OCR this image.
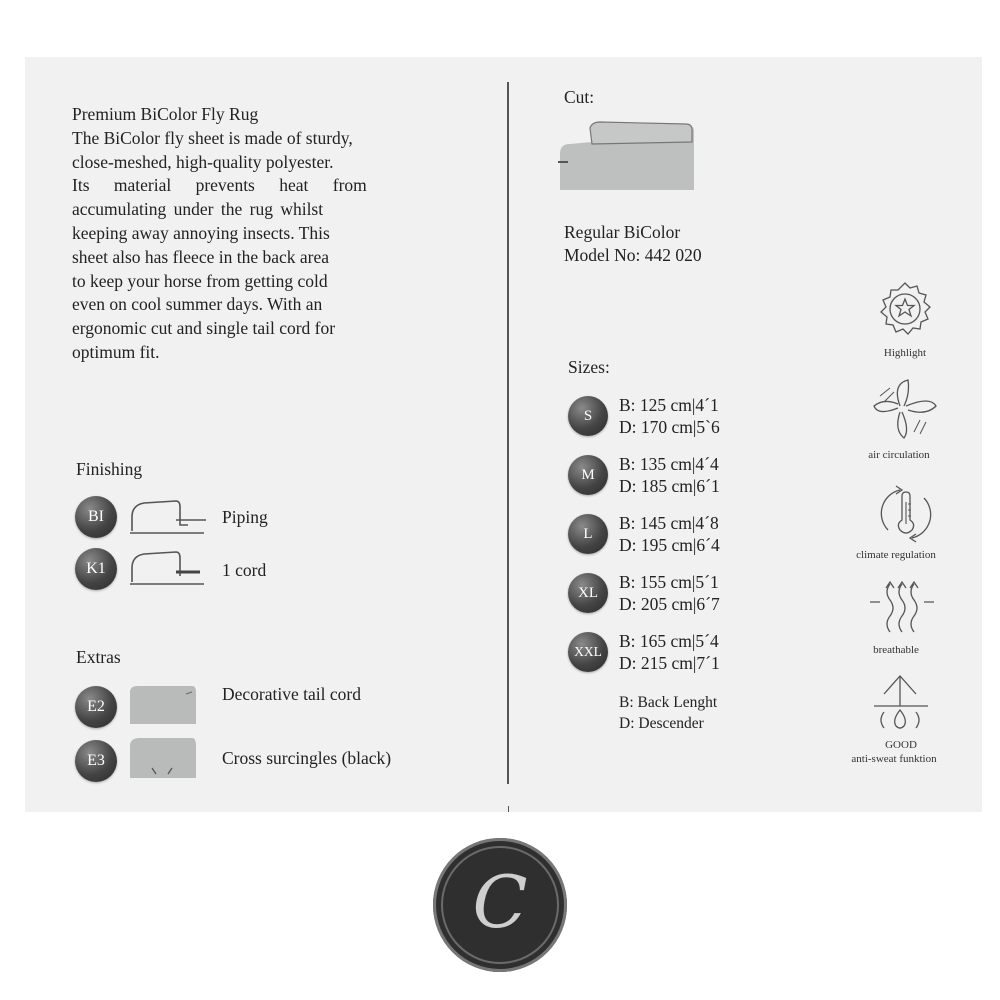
Premium BiColor Fly Rug

The BiColor fly sheet is made of sturdy,

close-meshed, high-quality polyester.

Its material prevents heat from

accumulating under the rug whilst

keeping away annoying insects. This

sheet also has fleece in the back area

to keep your horse from getting cold

even on cool summer days. With an

ergonomic cut and single tail cord for

optimum fit.

Finishing
BI	Piping
K1	1 cord
Extras
E2
Decorative tail cord
E3	Cross surcingles (black)
Cut:
Regular BiColor
Model No: 442 020
Sizes:
S
B: 125 cm|4´1
D: 170 cm|5`6
M
B: 135 cm|4´4
D: 185 cm|6´1
L
B: 145 cm|4´8
D: 195 cm|6´4
XL
B: 155 cm|5´1
D: 205 cm|6´7
XXL
B: 165 cm|5´4
D: 215 cm|7´1
B: Back Lenght
D: Descender
Highlight
air circulation
climate regulation
breathable
GOOD
anti-sweat funktion
C
